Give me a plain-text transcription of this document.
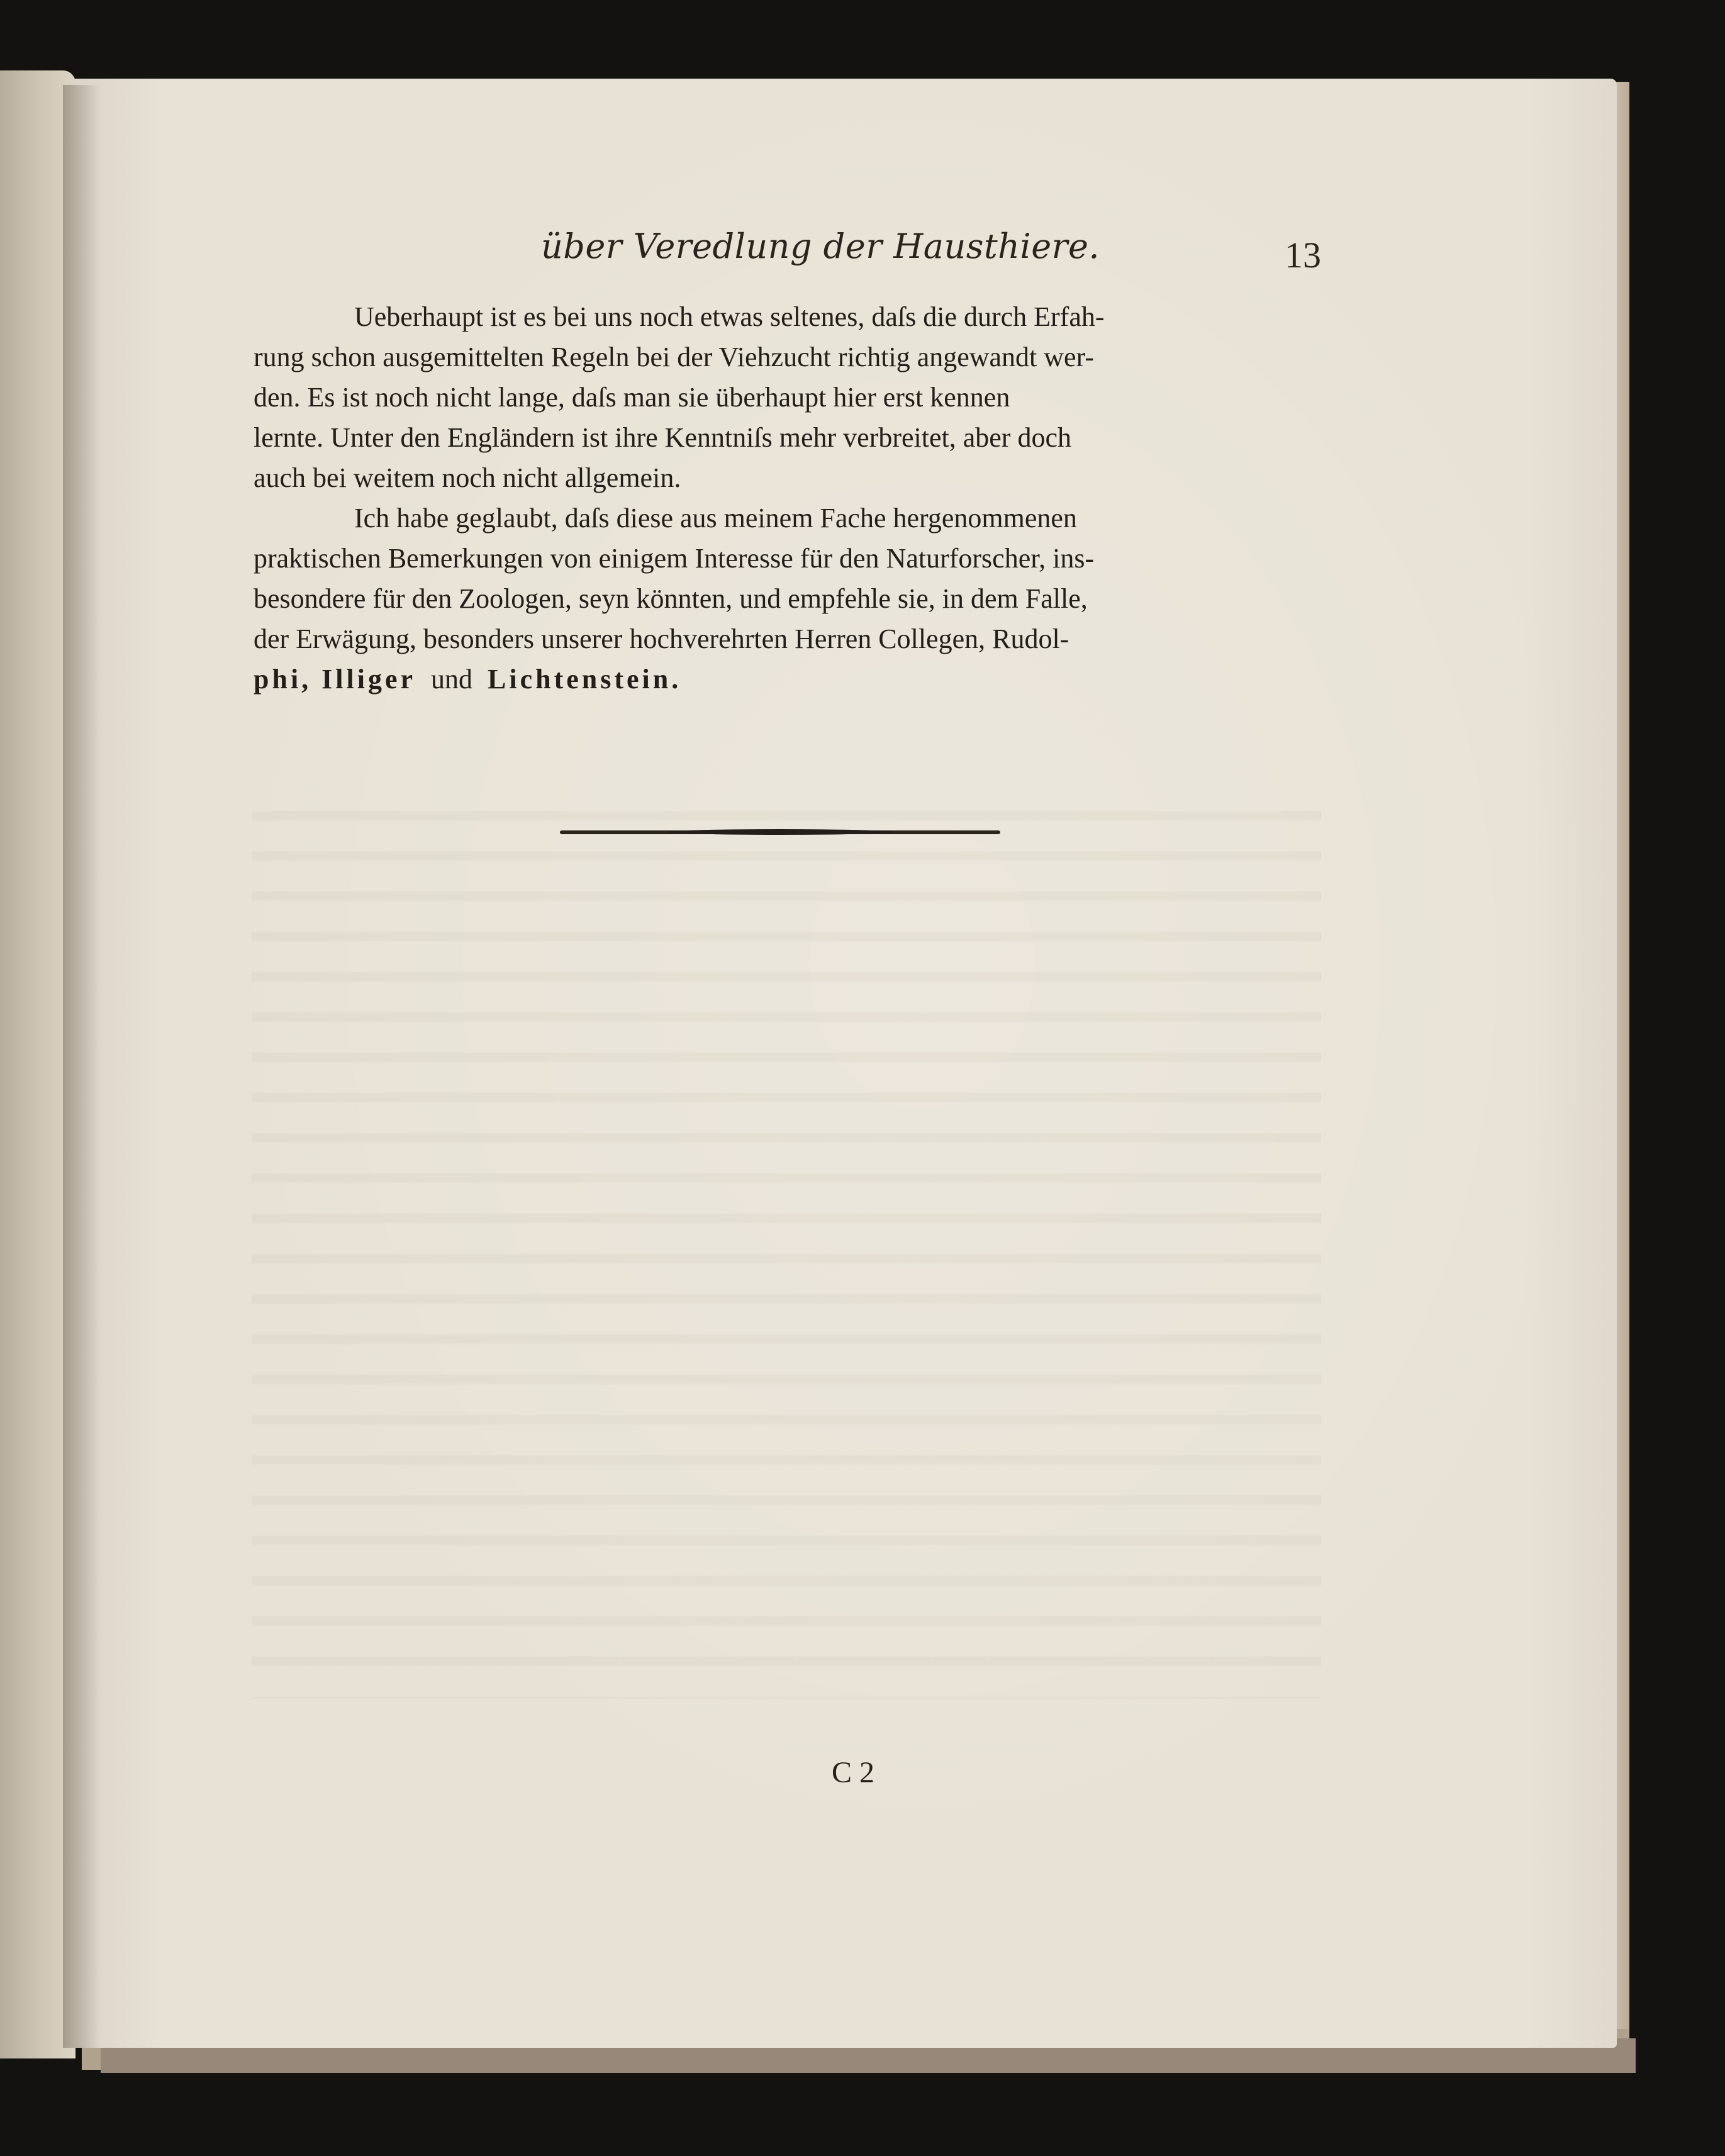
über Veredlung der Hausthiere.	13
Ueberhaupt ist es bei uns noch etwas seltenes, daſs die durch Erfah-
rung schon ausgemittelten Regeln bei der Viehzucht richtig angewandt wer-
den. Es ist noch nicht lange, daſs man sie überhaupt hier erst kennen
lernte. Unter den Engländern ist ihre Kenntniſs mehr verbreitet, aber doch
auch bei weitem noch nicht allgemein.
Ich habe geglaubt, daſs diese aus meinem Fache hergenommenen
praktischen Bemerkungen von einigem Interesse für den Naturforscher, ins-
besondere für den Zoologen, seyn könnten, und empfehle sie, in dem Falle,
der Erwägung, besonders unserer hochverehrten Herren Collegen, Rudol-
phi, Illiger und Lichtenstein.
C 2
